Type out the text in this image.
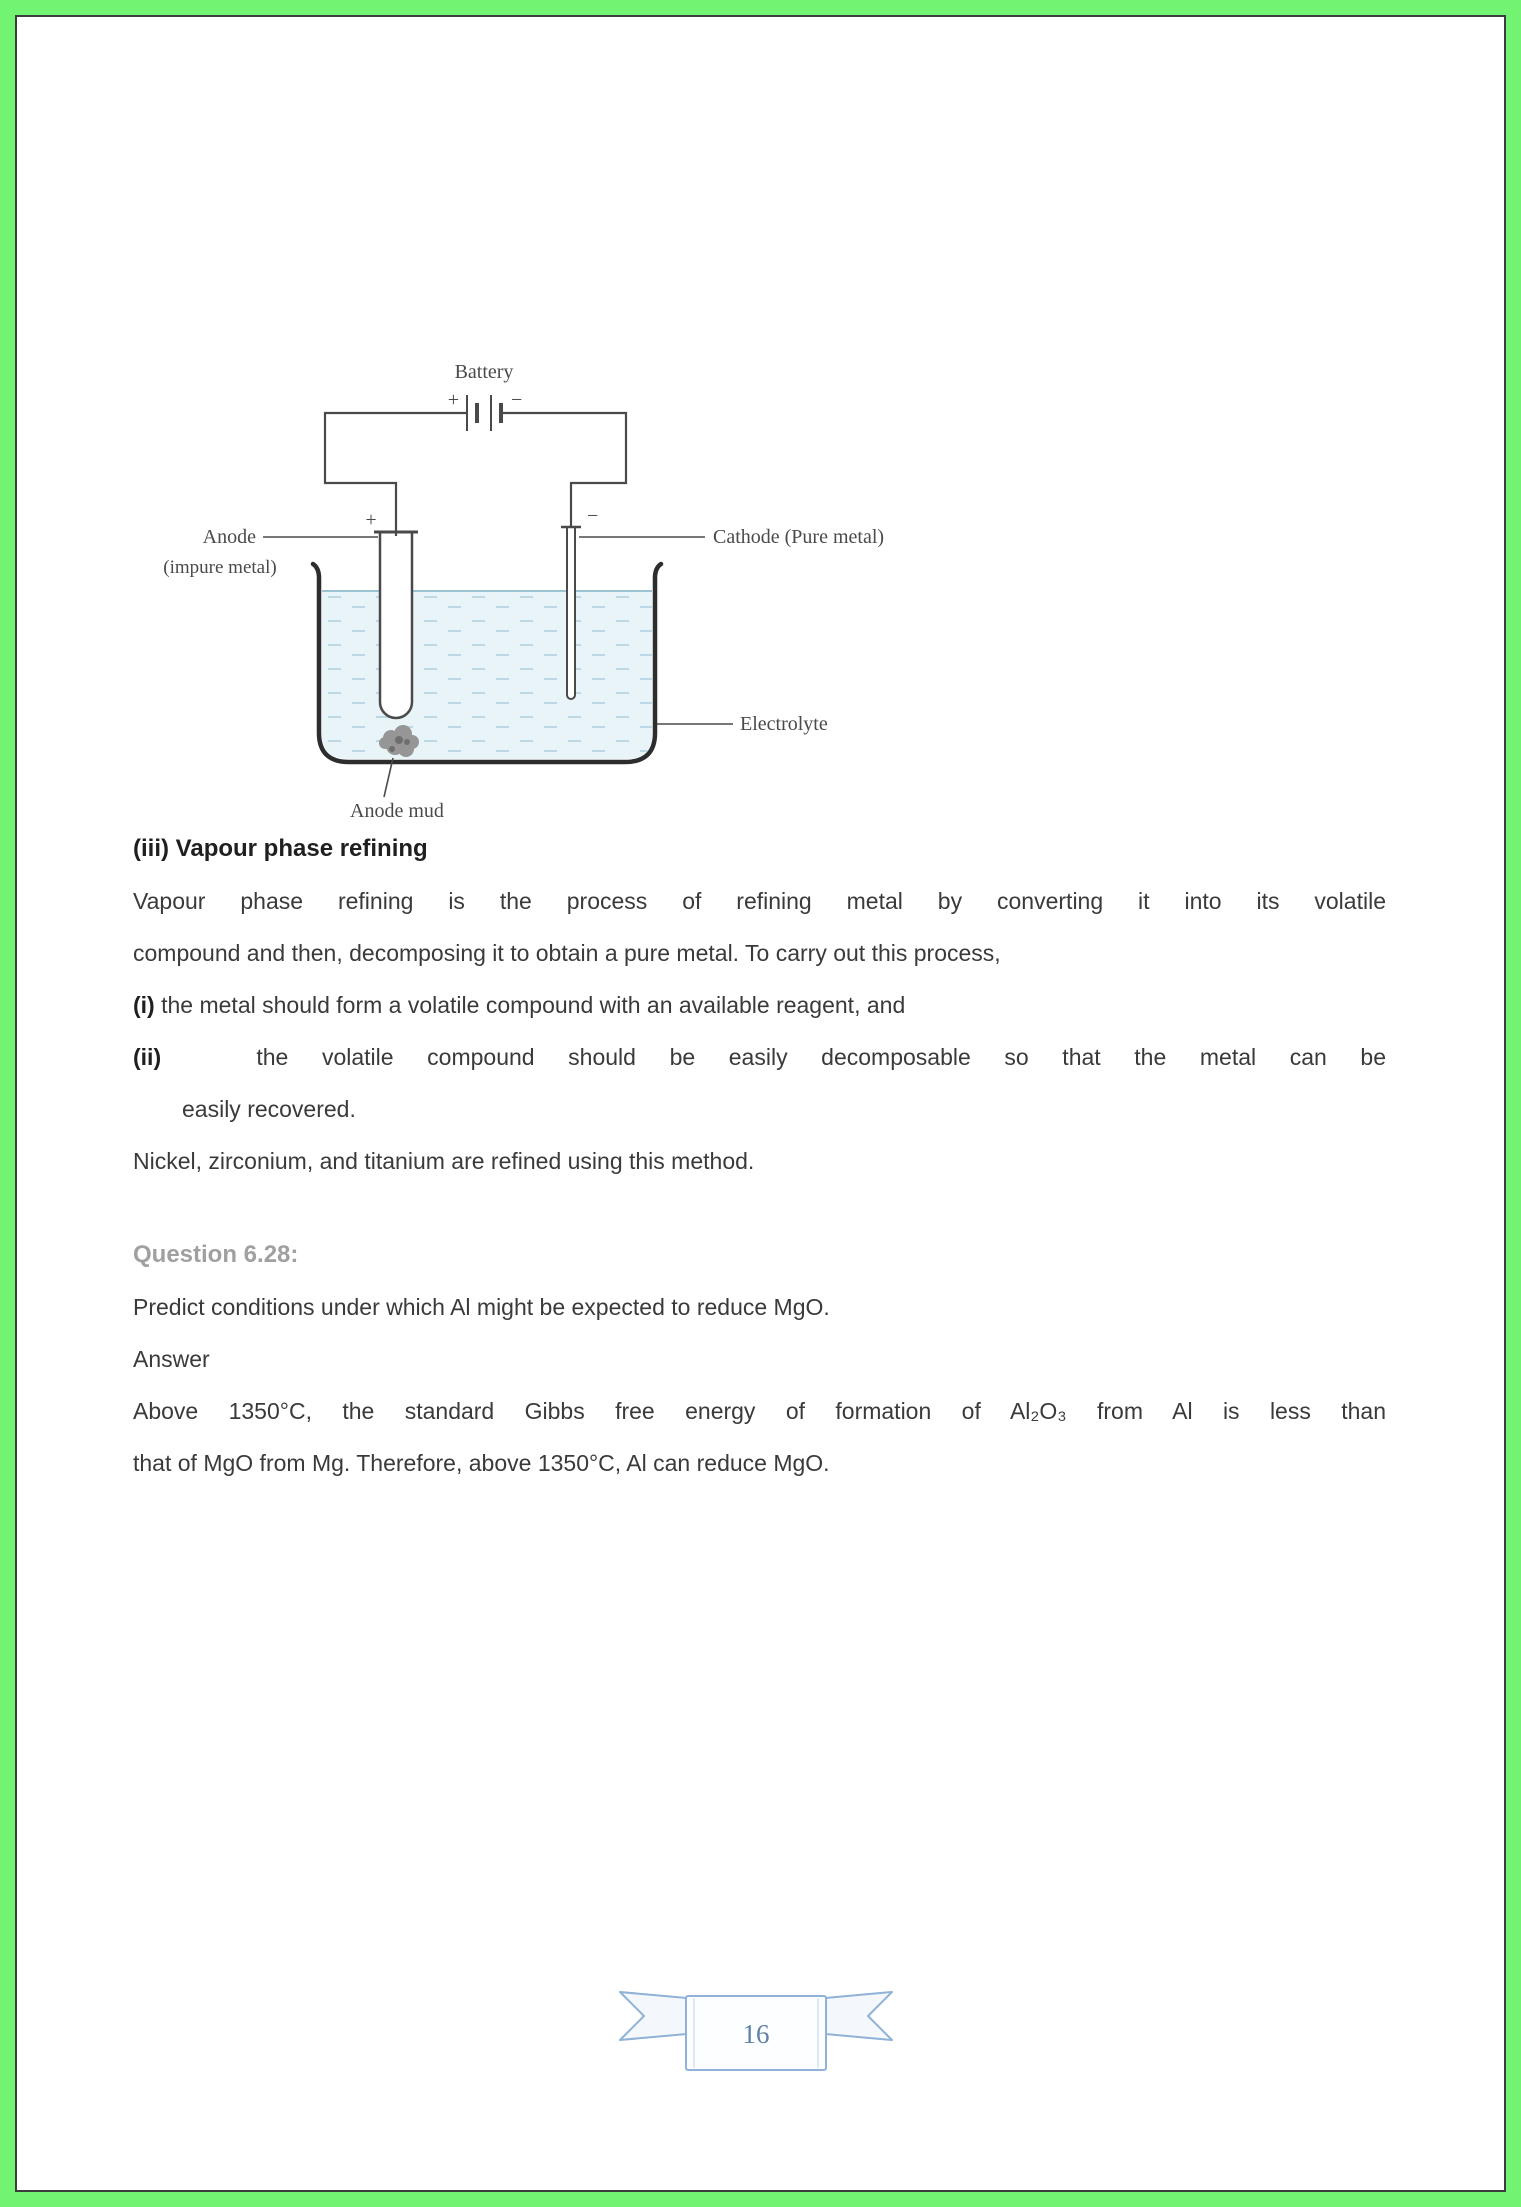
+	−
Battery
+	−
Anode
(impure metal)
Cathode (Pure metal)
Electrolyte
Anode mud

(iii) Vapour phase refining

Vapour phase refining is the process of refining metal by converting it into its volatile
compound and then, decomposing it to obtain a pure metal. To carry out this process,

(i) the metal should form a volatile compound with an available reagent, and

(ii)	the volatile compound should be easily decomposable so that the metal can be
easily recovered.

Nickel, zirconium, and titanium are refined using this method.

Question 6.28:

Predict conditions under which Al might be expected to reduce MgO.

Answer

Above 1350°C, the standard Gibbs free energy of formation of Al₂O₃ from Al is less than
that of MgO from Mg. Therefore, above 1350°C, Al can reduce MgO.

16
